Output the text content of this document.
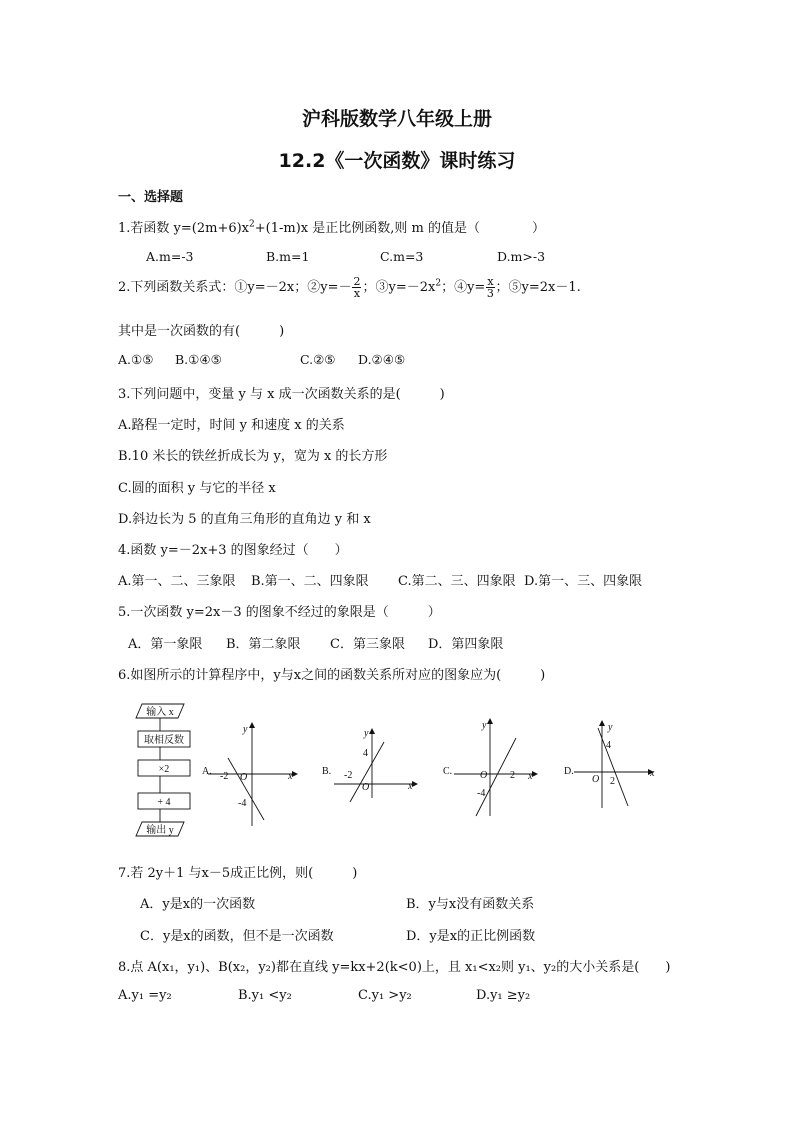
沪科版数学八年级上册
12.2《一次函数》课时练习
一、选择题
1.若函数 $y=(2m+6)x^2+(1-m)x$ 是正比例函数,则 m 的值是（　　　　）
A.m=-3	B.m=1	C.m=3	D.m>-3
2.下列函数关系式：①y=－2x；②y=－ $\frac{2}{x}$ ；$③y=-2x^2$；④y= $\frac{x}{3}$ ；⑤y=2x－1.
其中是一次函数的有(　　　)
A.①⑤ B.①④⑤	C.②⑤ D.②④⑤
3.下列问题中，变量 y 与 x 成一次函数关系的是(　　　)
A.路程一定时，时间 y 和速度 x 的关系
B.10 米长的铁丝折成长为 y，宽为 x 的长方形
C.圆的面积 y 与它的半径 x
D.斜边长为 5 的直角三角形的直角边 y 和 x
4.函数 y=－2x+3 的图象经过（　　）
A.第一、二、三象限 B.第一、二、四象限 C.第二、三、四象限 D.第一、三、四象限
5.一次函数 y=2x－3 的图象不经过的象限是（　　　）
A．第一象限 B．第二象限 C．第三象限 D．第四象限
6.如图所示的计算程序中，y与x之间的函数关系所对应的图象应为(　　　)
输入 x
取相反数
×2
+ 4
输出 y
A.	x
y
O
-2
-4
B.
x
y
O
-2
4
C.	x
y
O 2
-4
D.	x
y
O 2
4
7.若 2y＋1 与x－5成正比例，则(　　　)
A．y是x的一次函数	B．y与x没有函数关系
C．y是x的函数，但不是一次函数	D．y是x的正比例函数
8.点 A(x₁，y₁)、B(x₂，y₂)都在直线 y=kx+2(k<0)上，且 x₁<x₂则 y₁、y₂的大小关系是(　　)
A.y₁ =y₂	B.y₁ <y₂	C.y₁ >y₂	D.y₁ ≥y₂
